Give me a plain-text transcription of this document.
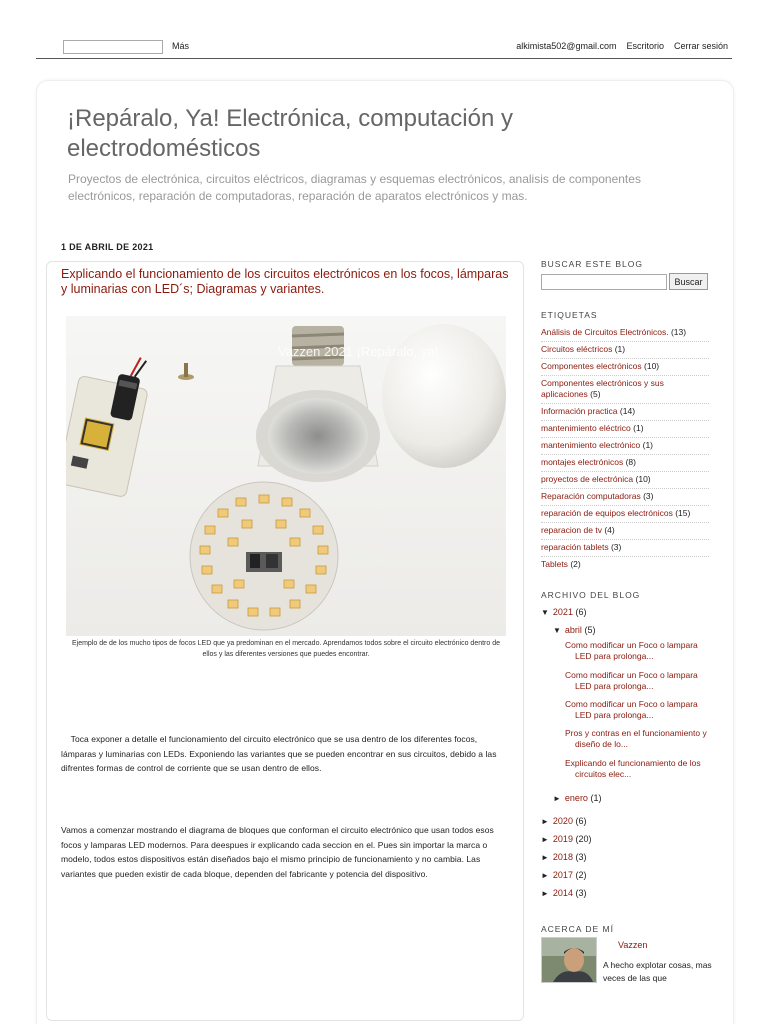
Más	alkimista502@gmail.com Escritorio Cerrar sesión
¡Repáralo, Ya! Electrónica, computación y electrodomésticos
Proyectos de electrónica, circuitos eléctricos, diagramas y esquemas electrónicos, analisis de componentes electrónicos, reparación de computadoras, reparación de aparatos electrónicos y mas.
1 DE ABRIL DE 2021
Explicando el funcionamiento de los circuitos electrónicos en los focos, lámparas y luminarias con LED´s; Diagramas y variantes.
Vazzen 2021 ¡Repáralo, ya!
Ejemplo de de los mucho tipos de focos LED que ya predominan en el mercado. Aprendamos todos sobre el circuito electrónico dentro de ellos y las diferentes versiones que puedes encontrar.
Toca exponer a detalle el funcionamiento del circuito electrónico que se usa dentro de los diferentes focos, lámparas y luminarias con LEDs. Exponiendo las variantes que se pueden encontrar en sus circuitos, debido a las difrentes formas de control de corriente que se usan dentro de ellos.
Vamos a comenzar mostrando el diagrama de bloques que conforman el circuito electrónico que usan todos esos focos y lamparas LED modernos. Para deespues ir explicando cada seccion en el. Pues sin importar la marca o modelo, todos estos dispositivos están diseñados bajo el mismo principio de funcionamiento y no cambia. Las variantes que pueden existir de cada bloque, dependen del fabricante y potencia del dispositivo.
BUSCAR ESTE BLOG
Buscar
ETIQUETAS
Análisis de Circuitos Electrónicos. (13)
Circuitos eléctricos (1)
Componentes electrónicos (10)
Componentes electrónicos y sus aplicaciones (5)
Información practica (14)
mantenimiento eléctrico (1)
mantenimiento electrónico (1)
montajes electrónicos (8)
proyectos de electrónica (10)
Reparación computadoras (3)
reparación de equipos electrónicos (15)
reparacion de tv (4)
reparación tablets (3)
Tablets (2)
ARCHIVO DEL BLOG
▼ 2021 (6)
▼ abril (5)
Como modificar un Foco o lampara LED para prolonga...
Como modificar un Foco o lampara LED para prolonga...
Como modificar un Foco o lampara LED para prolonga...
Pros y contras en el funcionamiento y diseño de lo...
Explicando el funcionamiento de los circuitos elec...
► enero (1)
► 2020 (6)
► 2019 (20)
► 2018 (3)
► 2017 (2)
► 2014 (3)
ACERCA DE MÍ
Vazzen
A hecho explotar cosas, mas veces de las que
